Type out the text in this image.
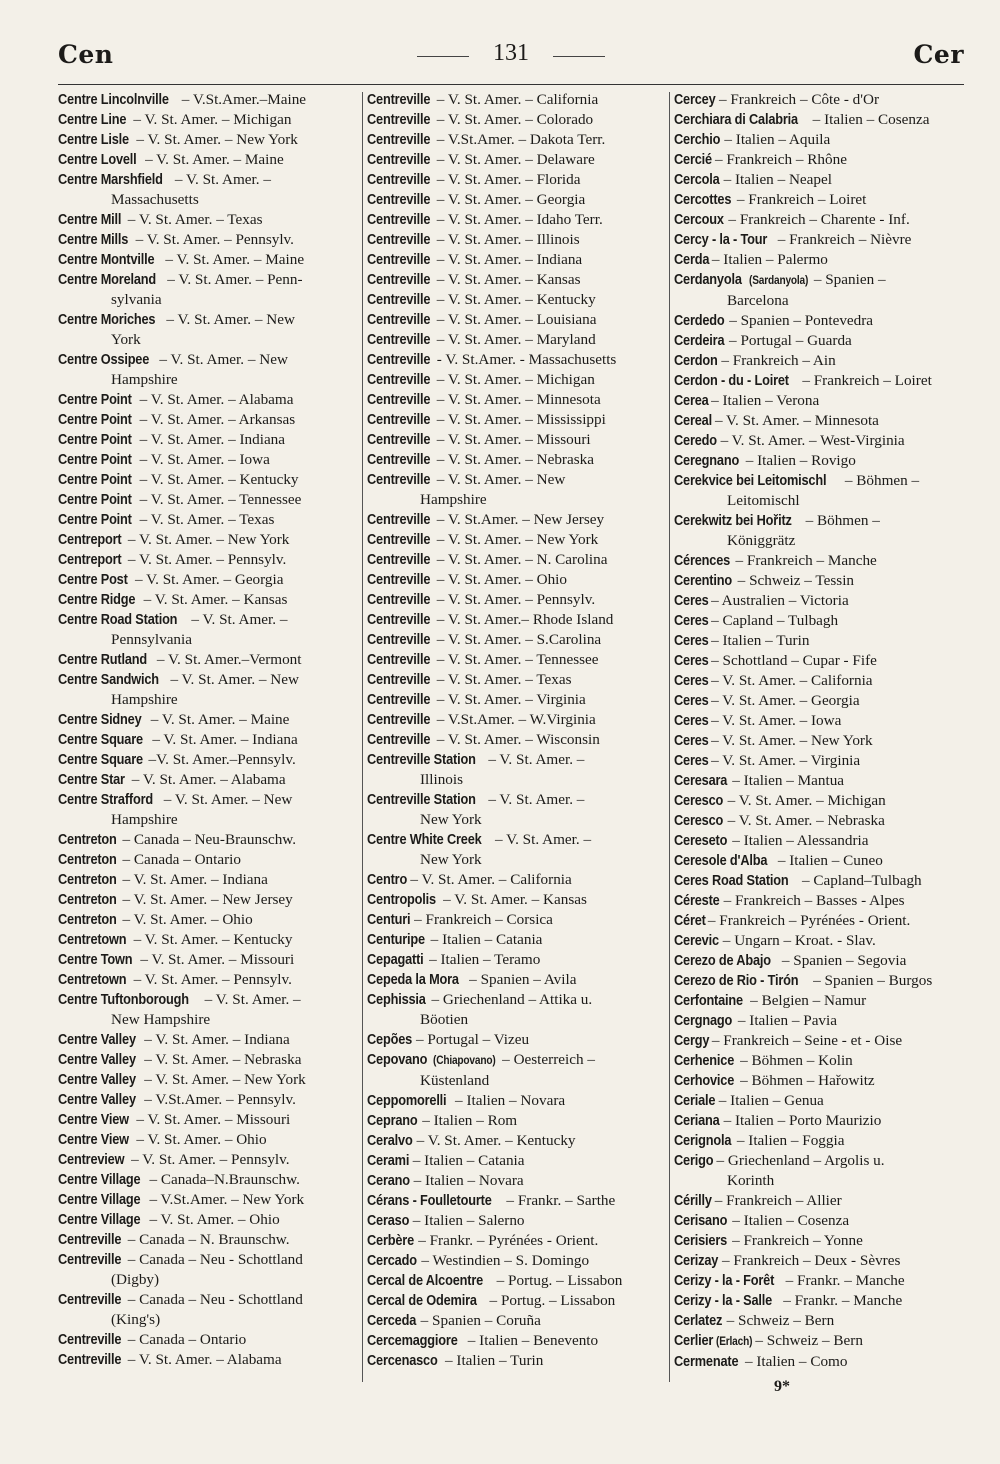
Cen	131	Cer
Centre Lincolnville – V.St.Amer.–Maine
Centre Line – V. St. Amer. – Michigan
Centre Lisle – V. St. Amer. – New York
Centre Lovell – V. St. Amer. – Maine
Centre Marshfield – V. St. Amer. –
Massachusetts
Centre Mill – V. St. Amer. – Texas
Centre Mills – V. St. Amer. – Pennsylv.
Centre Montville – V. St. Amer. – Maine
Centre Moreland – V. St. Amer. – Penn-
sylvania
Centre Moriches – V. St. Amer. – New
York
Centre Ossipee – V. St. Amer. – New
Hampshire
Centre Point – V. St. Amer. – Alabama
Centre Point – V. St. Amer. – Arkansas
Centre Point – V. St. Amer. – Indiana
Centre Point – V. St. Amer. – Iowa
Centre Point – V. St. Amer. – Kentucky
Centre Point – V. St. Amer. – Tennessee
Centre Point – V. St. Amer. – Texas
Centreport – V. St. Amer. – New York
Centreport – V. St. Amer. – Pennsylv.
Centre Post – V. St. Amer. – Georgia
Centre Ridge – V. St. Amer. – Kansas
Centre Road Station – V. St. Amer. –
Pennsylvania
Centre Rutland – V. St. Amer.–Vermont
Centre Sandwich – V. St. Amer. – New
Hampshire
Centre Sidney – V. St. Amer. – Maine
Centre Square – V. St. Amer. – Indiana
Centre Square –V. St. Amer.–Pennsylv.
Centre Star – V. St. Amer. – Alabama
Centre Strafford – V. St. Amer. – New
Hampshire
Centreton – Canada – Neu-Braunschw.
Centreton – Canada – Ontario
Centreton – V. St. Amer. – Indiana
Centreton – V. St. Amer. – New Jersey
Centreton – V. St. Amer. – Ohio
Centretown – V. St. Amer. – Kentucky
Centre Town – V. St. Amer. – Missouri
Centretown – V. St. Amer. – Pennsylv.
Centre Tuftonborough – V. St. Amer. –
New Hampshire
Centre Valley – V. St. Amer. – Indiana
Centre Valley – V. St. Amer. – Nebraska
Centre Valley – V. St. Amer. – New York
Centre Valley – V.St.Amer. – Pennsylv.
Centre View – V. St. Amer. – Missouri
Centre View – V. St. Amer. – Ohio
Centreview – V. St. Amer. – Pennsylv.
Centre Village – Canada–N.Braunschw.
Centre Village – V.St.Amer. – New York
Centre Village – V. St. Amer. – Ohio
Centreville – Canada – N. Braunschw.
Centreville – Canada – Neu - Schottland
(Digby)
Centreville – Canada – Neu - Schottland
(King's)
Centreville – Canada – Ontario
Centreville – V. St. Amer. – Alabama
Centreville – V. St. Amer. – California
Centreville – V. St. Amer. – Colorado
Centreville – V.St.Amer. – Dakota Terr.
Centreville – V. St. Amer. – Delaware
Centreville – V. St. Amer. – Florida
Centreville – V. St. Amer. – Georgia
Centreville – V. St. Amer. – Idaho Terr.
Centreville – V. St. Amer. – Illinois
Centreville – V. St. Amer. – Indiana
Centreville – V. St. Amer. – Kansas
Centreville – V. St. Amer. – Kentucky
Centreville – V. St. Amer. – Louisiana
Centreville – V. St. Amer. – Maryland
Centreville - V. St.Amer. - Massachusetts
Centreville – V. St. Amer. – Michigan
Centreville – V. St. Amer. – Minnesota
Centreville – V. St. Amer. – Mississippi
Centreville – V. St. Amer. – Missouri
Centreville – V. St. Amer. – Nebraska
Centreville – V. St. Amer. – New
Hampshire
Centreville – V. St.Amer. – New Jersey
Centreville – V. St. Amer. – New York
Centreville – V. St. Amer. – N. Carolina
Centreville – V. St. Amer. – Ohio
Centreville – V. St. Amer. – Pennsylv.
Centreville – V. St. Amer.– Rhode Island
Centreville – V. St. Amer. – S.Carolina
Centreville – V. St. Amer. – Tennessee
Centreville – V. St. Amer. – Texas
Centreville – V. St. Amer. – Virginia
Centreville – V.St.Amer. – W.Virginia
Centreville – V. St. Amer. – Wisconsin
Centreville Station – V. St. Amer. –
Illinois
Centreville Station – V. St. Amer. –
New York
Centre White Creek – V. St. Amer. –
New York
Centro – V. St. Amer. – California
Centropolis – V. St. Amer. – Kansas
Centuri – Frankreich – Corsica
Centuripe – Italien – Catania
Cepagatti – Italien – Teramo
Cepeda la Mora – Spanien – Avila
Cephissia – Griechenland – Attika u.
Böotien
Cepões – Portugal – Vizeu
Cepovano (Chiapovano) – Oesterreich –
Küstenland
Ceppomorelli – Italien – Novara
Ceprano – Italien – Rom
Ceralvo – V. St. Amer. – Kentucky
Cerami – Italien – Catania
Cerano – Italien – Novara
Cérans - Foulletourte – Frankr. – Sarthe
Ceraso – Italien – Salerno
Cerbère – Frankr. – Pyrénées - Orient.
Cercado – Westindien – S. Domingo
Cercal de Alcoentre – Portug. – Lissabon
Cercal de Odemira – Portug. – Lissabon
Cerceda – Spanien – Coruña
Cercemaggiore – Italien – Benevento
Cercenasco – Italien – Turin
Cercey – Frankreich – Côte - d'Or
Cerchiara di Calabria – Italien – Cosenza
Cerchio – Italien – Aquila
Cercié – Frankreich – Rhône
Cercola – Italien – Neapel
Cercottes – Frankreich – Loiret
Cercoux – Frankreich – Charente - Inf.
Cercy - la - Tour – Frankreich – Nièvre
Cerda – Italien – Palermo
Cerdanyola (Sardanyola) – Spanien –
Barcelona
Cerdedo – Spanien – Pontevedra
Cerdeira – Portugal – Guarda
Cerdon – Frankreich – Ain
Cerdon - du - Loiret – Frankreich – Loiret
Cerea – Italien – Verona
Cereal – V. St. Amer. – Minnesota
Ceredo – V. St. Amer. – West-Virginia
Ceregnano – Italien – Rovigo
Cerekvice bei Leitomischl – Böhmen –
Leitomischl
Cerekwitz bei Hořitz – Böhmen –
Königgrätz
Cérences – Frankreich – Manche
Cerentino – Schweiz – Tessin
Ceres – Australien – Victoria
Ceres – Capland – Tulbagh
Ceres – Italien – Turin
Ceres – Schottland – Cupar - Fife
Ceres – V. St. Amer. – California
Ceres – V. St. Amer. – Georgia
Ceres – V. St. Amer. – Iowa
Ceres – V. St. Amer. – New York
Ceres – V. St. Amer. – Virginia
Ceresara – Italien – Mantua
Ceresco – V. St. Amer. – Michigan
Ceresco – V. St. Amer. – Nebraska
Cereseto – Italien – Alessandria
Ceresole d'Alba – Italien – Cuneo
Ceres Road Station – Capland–Tulbagh
Céreste – Frankreich – Basses - Alpes
Céret – Frankreich – Pyrénées - Orient.
Cerevic – Ungarn – Kroat. - Slav.
Cerezo de Abajo – Spanien – Segovia
Cerezo de Rio - Tirón – Spanien – Burgos
Cerfontaine – Belgien – Namur
Cergnago – Italien – Pavia
Cergy – Frankreich – Seine - et - Oise
Cerhenice – Böhmen – Kolin
Cerhovice – Böhmen – Hařowitz
Ceriale – Italien – Genua
Ceriana – Italien – Porto Maurizio
Cerignola – Italien – Foggia
Cerigo – Griechenland – Argolis u.
Korinth
Cérilly – Frankreich – Allier
Cerisano – Italien – Cosenza
Cerisiers – Frankreich – Yonne
Cerizay – Frankreich – Deux - Sèvres
Cerizy - la - Forêt – Frankr. – Manche
Cerizy - la - Salle – Frankr. – Manche
Cerlatez – Schweiz – Bern
Cerlier (Erlach) – Schweiz – Bern
Cermenate – Italien – Como
9*
